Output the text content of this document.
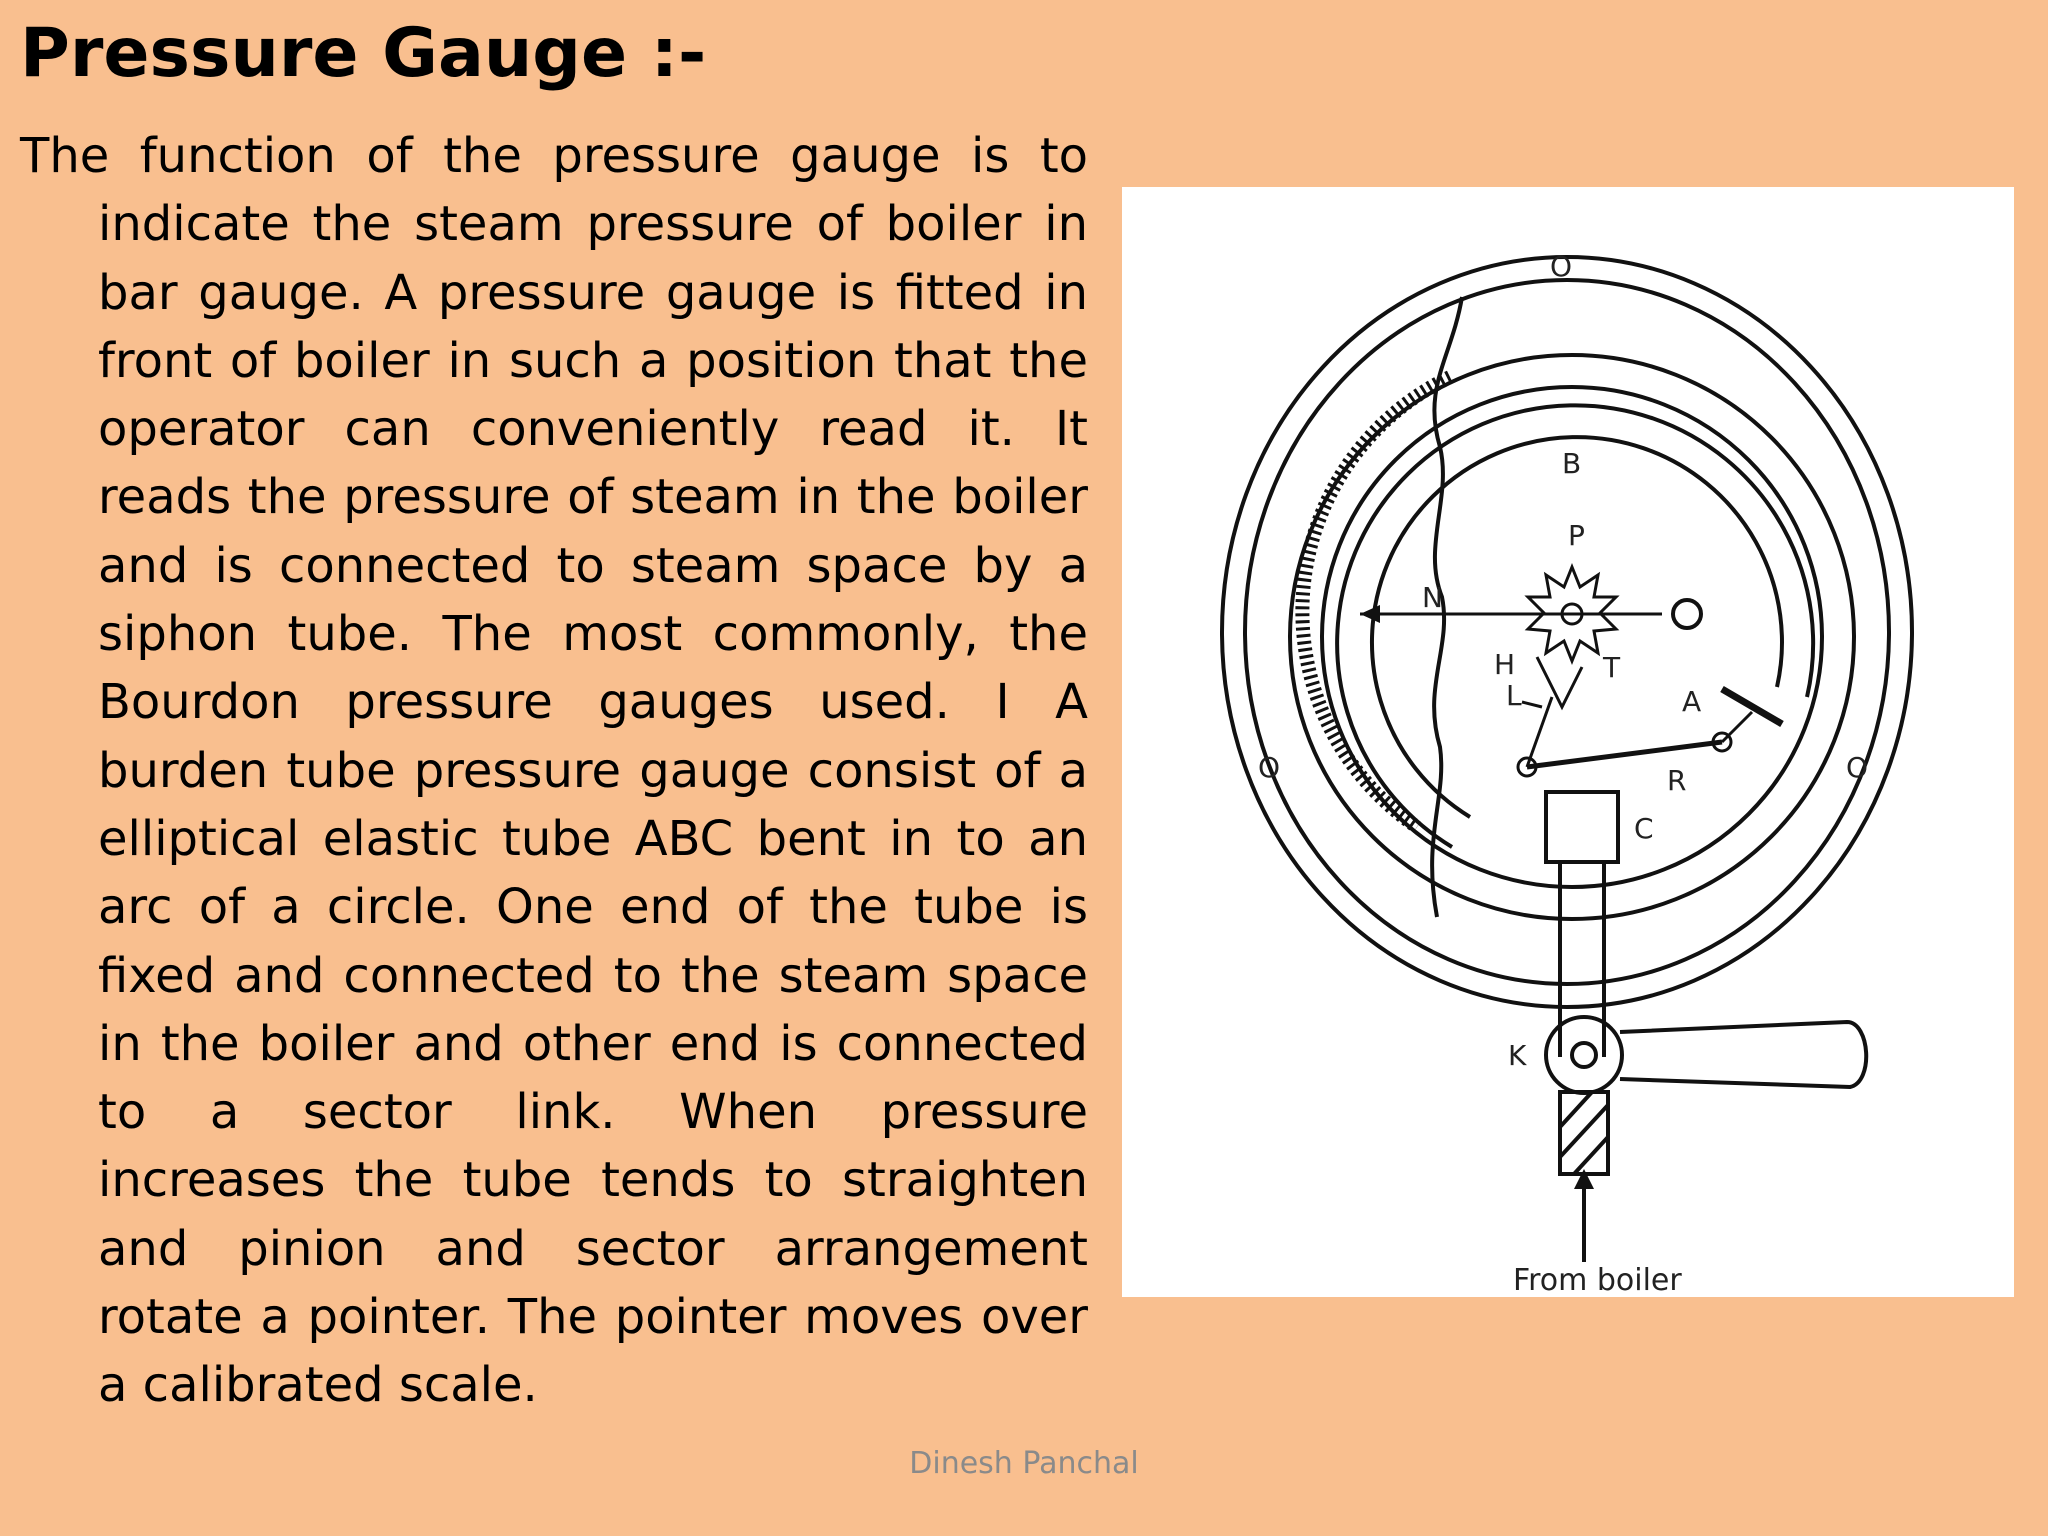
Pressure Gauge :-
The function of the pressure gauge is to indicate the steam pressure of boiler in bar gauge. A pressure gauge is fitted in front of boiler in such a position that the operator can conveniently read it. It reads the pressure of steam in the boiler and is connected to steam space by a siphon tube. The most commonly, the Bourdon pressure gauges used. I A burden tube pressure gauge consist of a elliptical elastic tube ABC bent in to an arc of a circle. One end of the tube is fixed and connected to the steam space in the boiler and other end is connected to a sector link. When pressure increases the tube tends to straighten and pinion and sector arrangement rotate a pointer. The pointer moves over a calibrated scale.
O
O	O
B
P
N
H	T
A
L
R
C
K
From boiler
Dinesh Panchal
